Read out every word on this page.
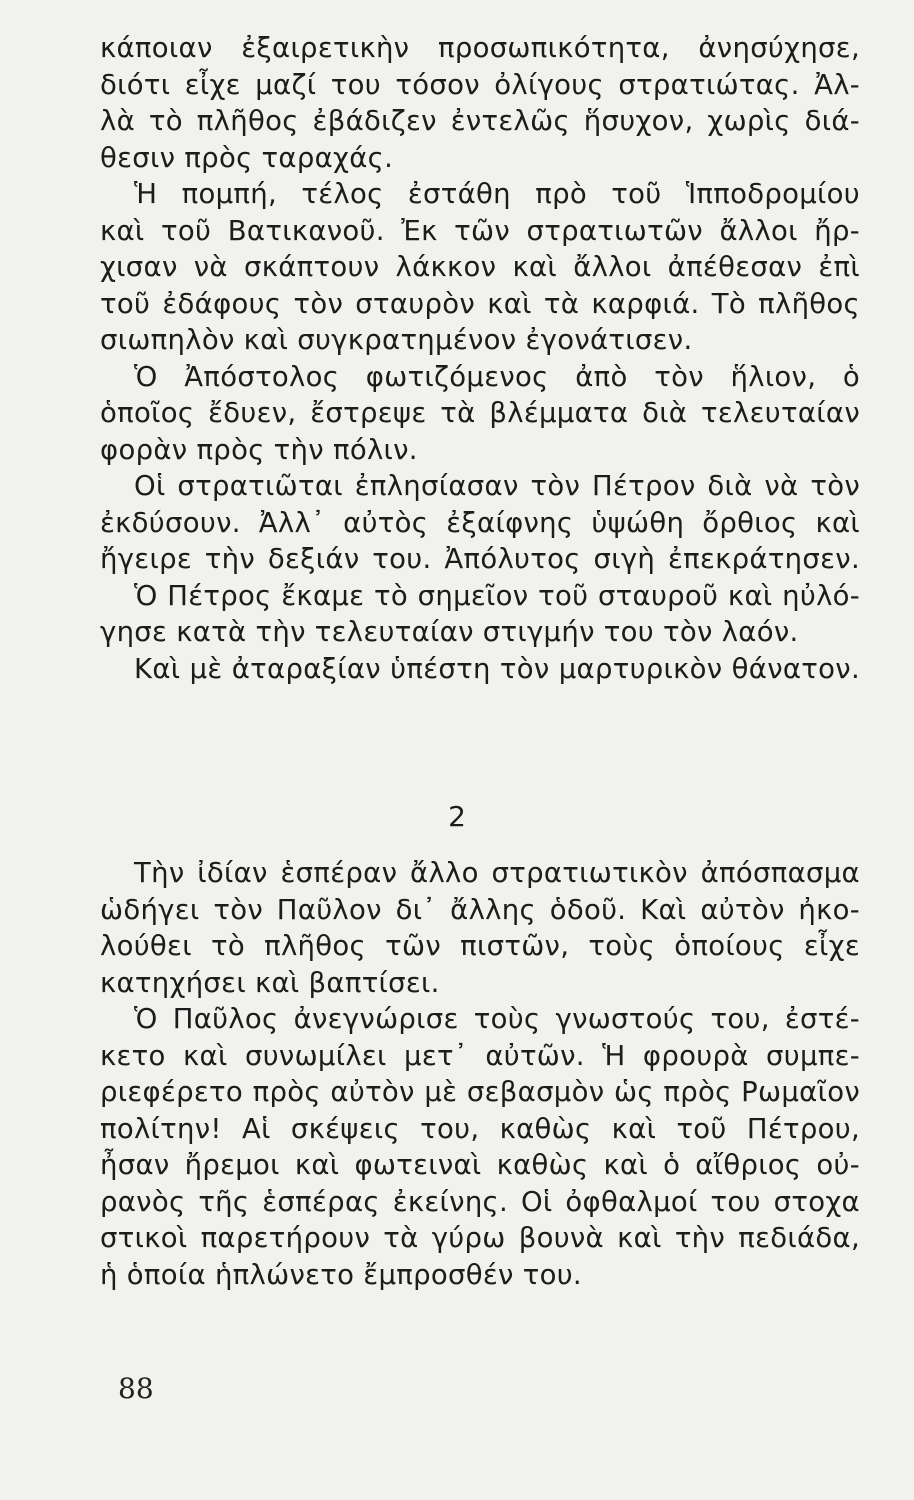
κάποιαν ἐξαιρετικὴν προσωπικότητα, ἀνησύχησε,
διότι εἶχε μαζί του τόσον ὀλίγους στρατιώτας. Ἀλ-
λὰ τὸ πλῆθος ἐβάδιζεν ἐντελῶς ἥσυχον, χωρὶς διά-
θεσιν πρὸς ταραχάς.
Ἡ πομπή, τέλος ἐστάθη πρὸ τοῦ Ἱπποδρομίου
καὶ τοῦ Βατικανοῦ. Ἐκ τῶν στρατιωτῶν ἄλλοι ἤρ-
χισαν νὰ σκάπτουν λάκκον καὶ ἄλλοι ἀπέθεσαν ἐπὶ
τοῦ ἐδάφους τὸν σταυρὸν καὶ τὰ καρφιά. Τὸ πλῆθος
σιωπηλὸν καὶ συγκρατημένον ἐγονάτισεν.
Ὁ Ἀπόστολος φωτιζόμενος ἀπὸ τὸν ἥλιον, ὁ
ὁποῖος ἔδυεν, ἔστρεψε τὰ βλέμματα διὰ τελευταίαν
φορὰν πρὸς τὴν πόλιν.
Οἱ στρατιῶται ἐπλησίασαν τὸν Πέτρον διὰ νὰ τὸν
ἐκδύσουν. Ἀλλ᾽ αὐτὸς ἐξαίφνης ὑψώθη ὄρθιος καὶ
ἤγειρε τὴν δεξιάν του. Ἀπόλυτος σιγὴ ἐπεκράτησεν.
Ὁ Πέτρος ἔκαμε τὸ σημεῖον τοῦ σταυροῦ καὶ ηὐλό-
γησε κατὰ τὴν τελευταίαν στιγμήν του τὸν λαόν.
Καὶ μὲ ἀταραξίαν ὑπέστη τὸν μαρτυρικὸν θάνατον.
2
Τὴν ἰδίαν ἑσπέραν ἄλλο στρατιωτικὸν ἀπόσπασμα
ὡδήγει τὸν Παῦλον δι᾽ ἄλλης ὁδοῦ. Καὶ αὐτὸν ἠκο-
λούθει τὸ πλῆθος τῶν πιστῶν, τοὺς ὁποίους εἶχε
κατηχήσει καὶ βαπτίσει.
Ὁ Παῦλος ἀνεγνώρισε τοὺς γνωστούς του, ἐστέ-
κετο καὶ συνωμίλει μετ᾽ αὐτῶν. Ἡ φρουρὰ συμπε-
ριεφέρετο πρὸς αὐτὸν μὲ σεβασμὸν ὡς πρὸς Ρωμαῖον
πολίτην! Αἱ σκέψεις του, καθὼς καὶ τοῦ Πέτρου,
ἦσαν ἤρεμοι καὶ φωτειναὶ καθὼς καὶ ὁ αἴθριος οὐ-
ρανὸς τῆς ἑσπέρας ἐκείνης. Οἱ ὀφθαλμοί του στοχα
στικοὶ παρετήρουν τὰ γύρω βουνὰ καὶ τὴν πεδιάδα,
ἡ ὁποία ἡπλώνετο ἔμπροσθέν του.
88
